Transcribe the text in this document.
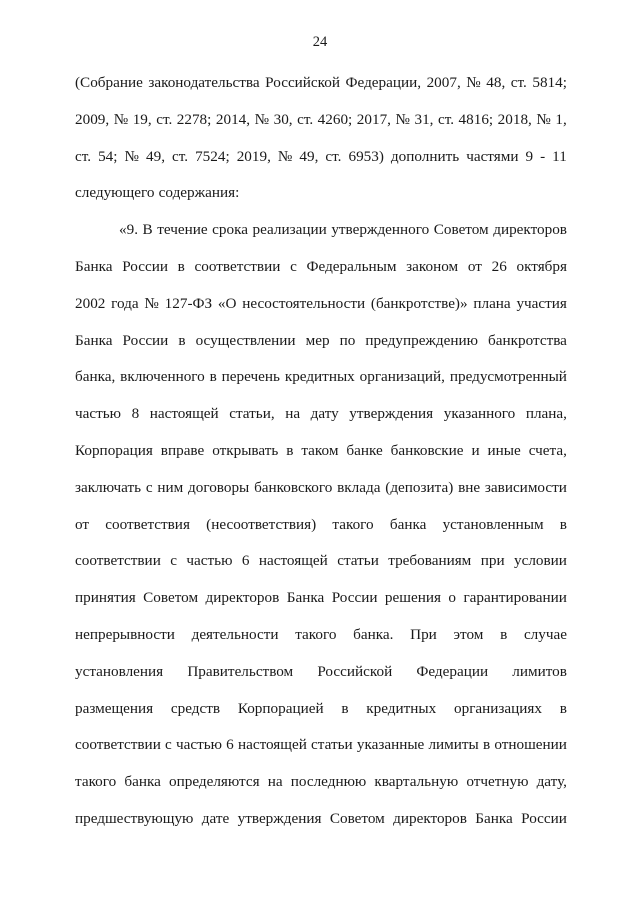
24
(Собрание законодательства Российской Федерации, 2007, № 48, ст. 5814;
2009, № 19, ст. 2278; 2014, № 30, ст. 4260; 2017, № 31, ст. 4816; 2018, № 1,
ст. 54; № 49, ст. 7524; 2019, № 49, ст. 6953) дополнить частями 9 - 11
следующего содержания:
«9. В течение срока реализации утвержденного Советом директоров
Банка России в соответствии с Федеральным законом от 26 октября
2002 года № 127-ФЗ «О несостоятельности (банкротстве)» плана участия
Банка России в осуществлении мер по предупреждению банкротства
банка, включенного в перечень кредитных организаций, предусмотренный
частью 8 настоящей статьи, на дату утверждения указанного плана,
Корпорация вправе открывать в таком банке банковские и иные счета,
заключать с ним договоры банковского вклада (депозита) вне зависимости
от соответствия (несоответствия) такого банка установленным в
соответствии с частью 6 настоящей статьи требованиям при условии
принятия Советом директоров Банка России решения о гарантировании
непрерывности деятельности такого банка. При этом в случае
установления Правительством Российской Федерации лимитов
размещения средств Корпорацией в кредитных организациях в
соответствии с частью 6 настоящей статьи указанные лимиты в отношении
такого банка определяются на последнюю квартальную отчетную дату,
предшествующую дате утверждения Советом директоров Банка России
